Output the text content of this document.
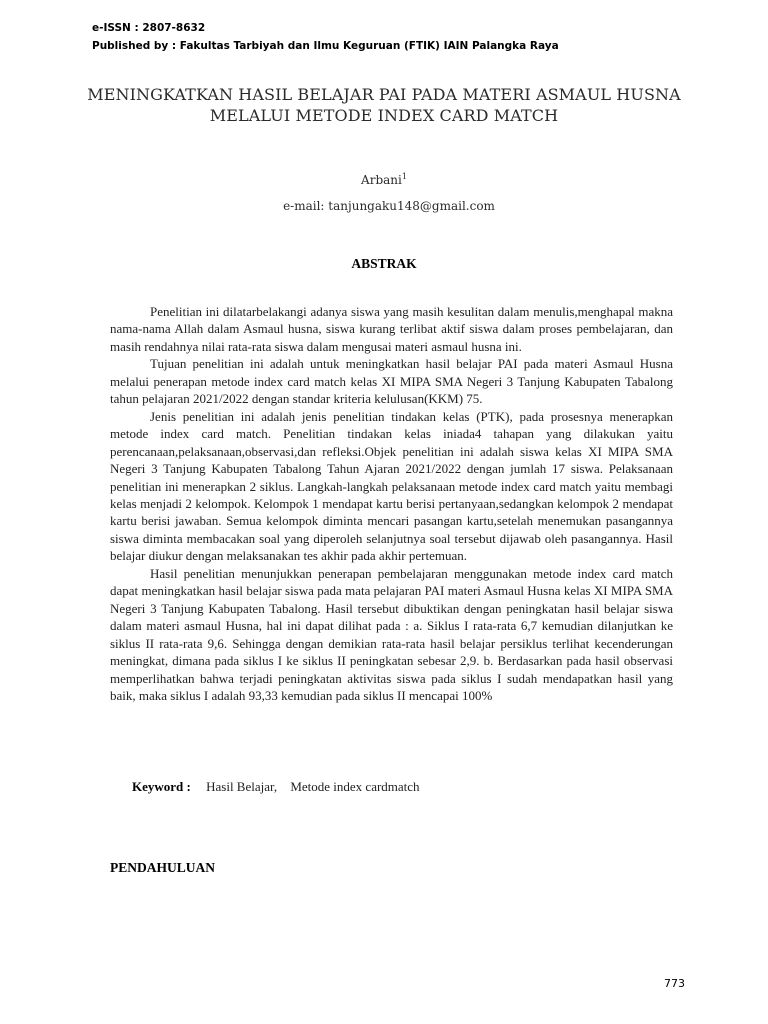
e-ISSN : 2807-8632
Published by : Fakultas Tarbiyah dan Ilmu Keguruan (FTIK) IAIN Palangka Raya
MENINGKATKAN HASIL BELAJAR PAI PADA MATERI ASMAUL HUSNA
MELALUI METODE INDEX CARD MATCH
Arbani$^1$
e-mail: tanjungaku148@gmail.com
ABSTRAK

Penelitian ini dilatarbelakangi adanya siswa yang masih kesulitan dalam menulis,menghapal makna nama-nama Allah dalam Asmaul husna, siswa kurang terlibat aktif siswa dalam proses pembelajaran, dan masih rendahnya nilai rata-rata siswa dalam mengusai materi asmaul husna ini.

Tujuan penelitian ini adalah untuk meningkatkan hasil belajar PAI pada materi Asmaul Husna melalui penerapan metode index card match kelas XI MIPA SMA Negeri 3 Tanjung Kabupaten Tabalong tahun pelajaran 2021/2022 dengan standar kriteria kelulusan(KKM) 75.

Jenis penelitian ini adalah jenis penelitian tindakan kelas (PTK), pada prosesnya menerapkan metode index card match. Penelitian tindakan kelas iniada4 tahapan yang dilakukan yaitu perencanaan,pelaksanaan,observasi,dan refleksi.Objek penelitian ini adalah siswa kelas XI MIPA SMA Negeri 3 Tanjung Kabupaten Tabalong Tahun Ajaran 2021/2022 dengan jumlah 17 siswa. Pelaksanaan penelitian ini menerapkan 2 siklus. Langkah-langkah pelaksanaan metode index card match yaitu membagi kelas menjadi 2 kelompok. Kelompok 1 mendapat kartu berisi pertanyaan,sedangkan kelompok 2 mendapat kartu berisi jawaban. Semua kelompok diminta mencari pasangan kartu,setelah menemukan pasangannya siswa diminta membacakan soal yang diperoleh selanjutnya soal tersebut dijawab oleh pasangannya. Hasil belajar diukur dengan melaksanakan tes akhir pada akhir pertemuan.

Hasil penelitian menunjukkan penerapan pembelajaran menggunakan metode index card match dapat meningkatkan hasil belajar siswa pada mata pelajaran PAI materi Asmaul Husna kelas XI MIPA SMA Negeri 3 Tanjung Kabupaten Tabalong. Hasil tersebut dibuktikan dengan peningkatan hasil belajar siswa dalam materi asmaul Husna, hal ini dapat dilihat pada : a. Siklus I rata-rata 6,7 kemudian dilanjutkan ke siklus II rata-rata 9,6. Sehingga dengan demikian rata-rata hasil belajar persiklus terlihat kecenderungan meningkat, dimana pada siklus I ke siklus II peningkatan sebesar 2,9. b. Berdasarkan pada hasil observasi memperlihatkan bahwa terjadi peningkatan aktivitas siswa pada siklus I sudah mendapatkan hasil yang baik, maka siklus I adalah 93,33 kemudian pada siklus II mencapai 100%

Keyword : Hasil Belajar, Metode index cardmatch
PENDAHULUAN
773
